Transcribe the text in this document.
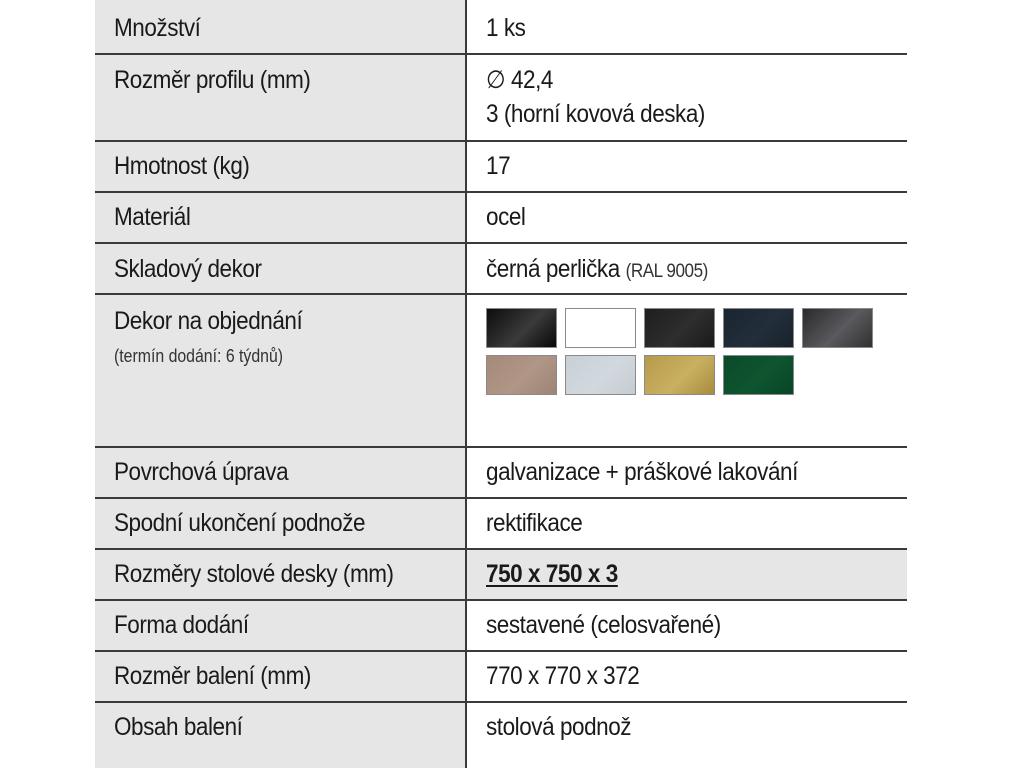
Množství	1 ks
Rozměr profilu (mm)	∅ 42,4
3 (horní kovová deska)
Hmotnost (kg)	17
Materiál	ocel
Skladový dekor	černá perlička (RAL 9005)
Dekor na objednání
(termín dodání: 6 týdnů)
Povrchová úprava	galvanizace + práškové lakování
Spodní ukončení podnože	rektifikace
Rozměry stolové desky (mm)	750 x 750 x 3
Forma dodání	sestavené (celosvařené)
Rozměr balení (mm)	770 x 770 x 372
Obsah balení	stolová podnož
